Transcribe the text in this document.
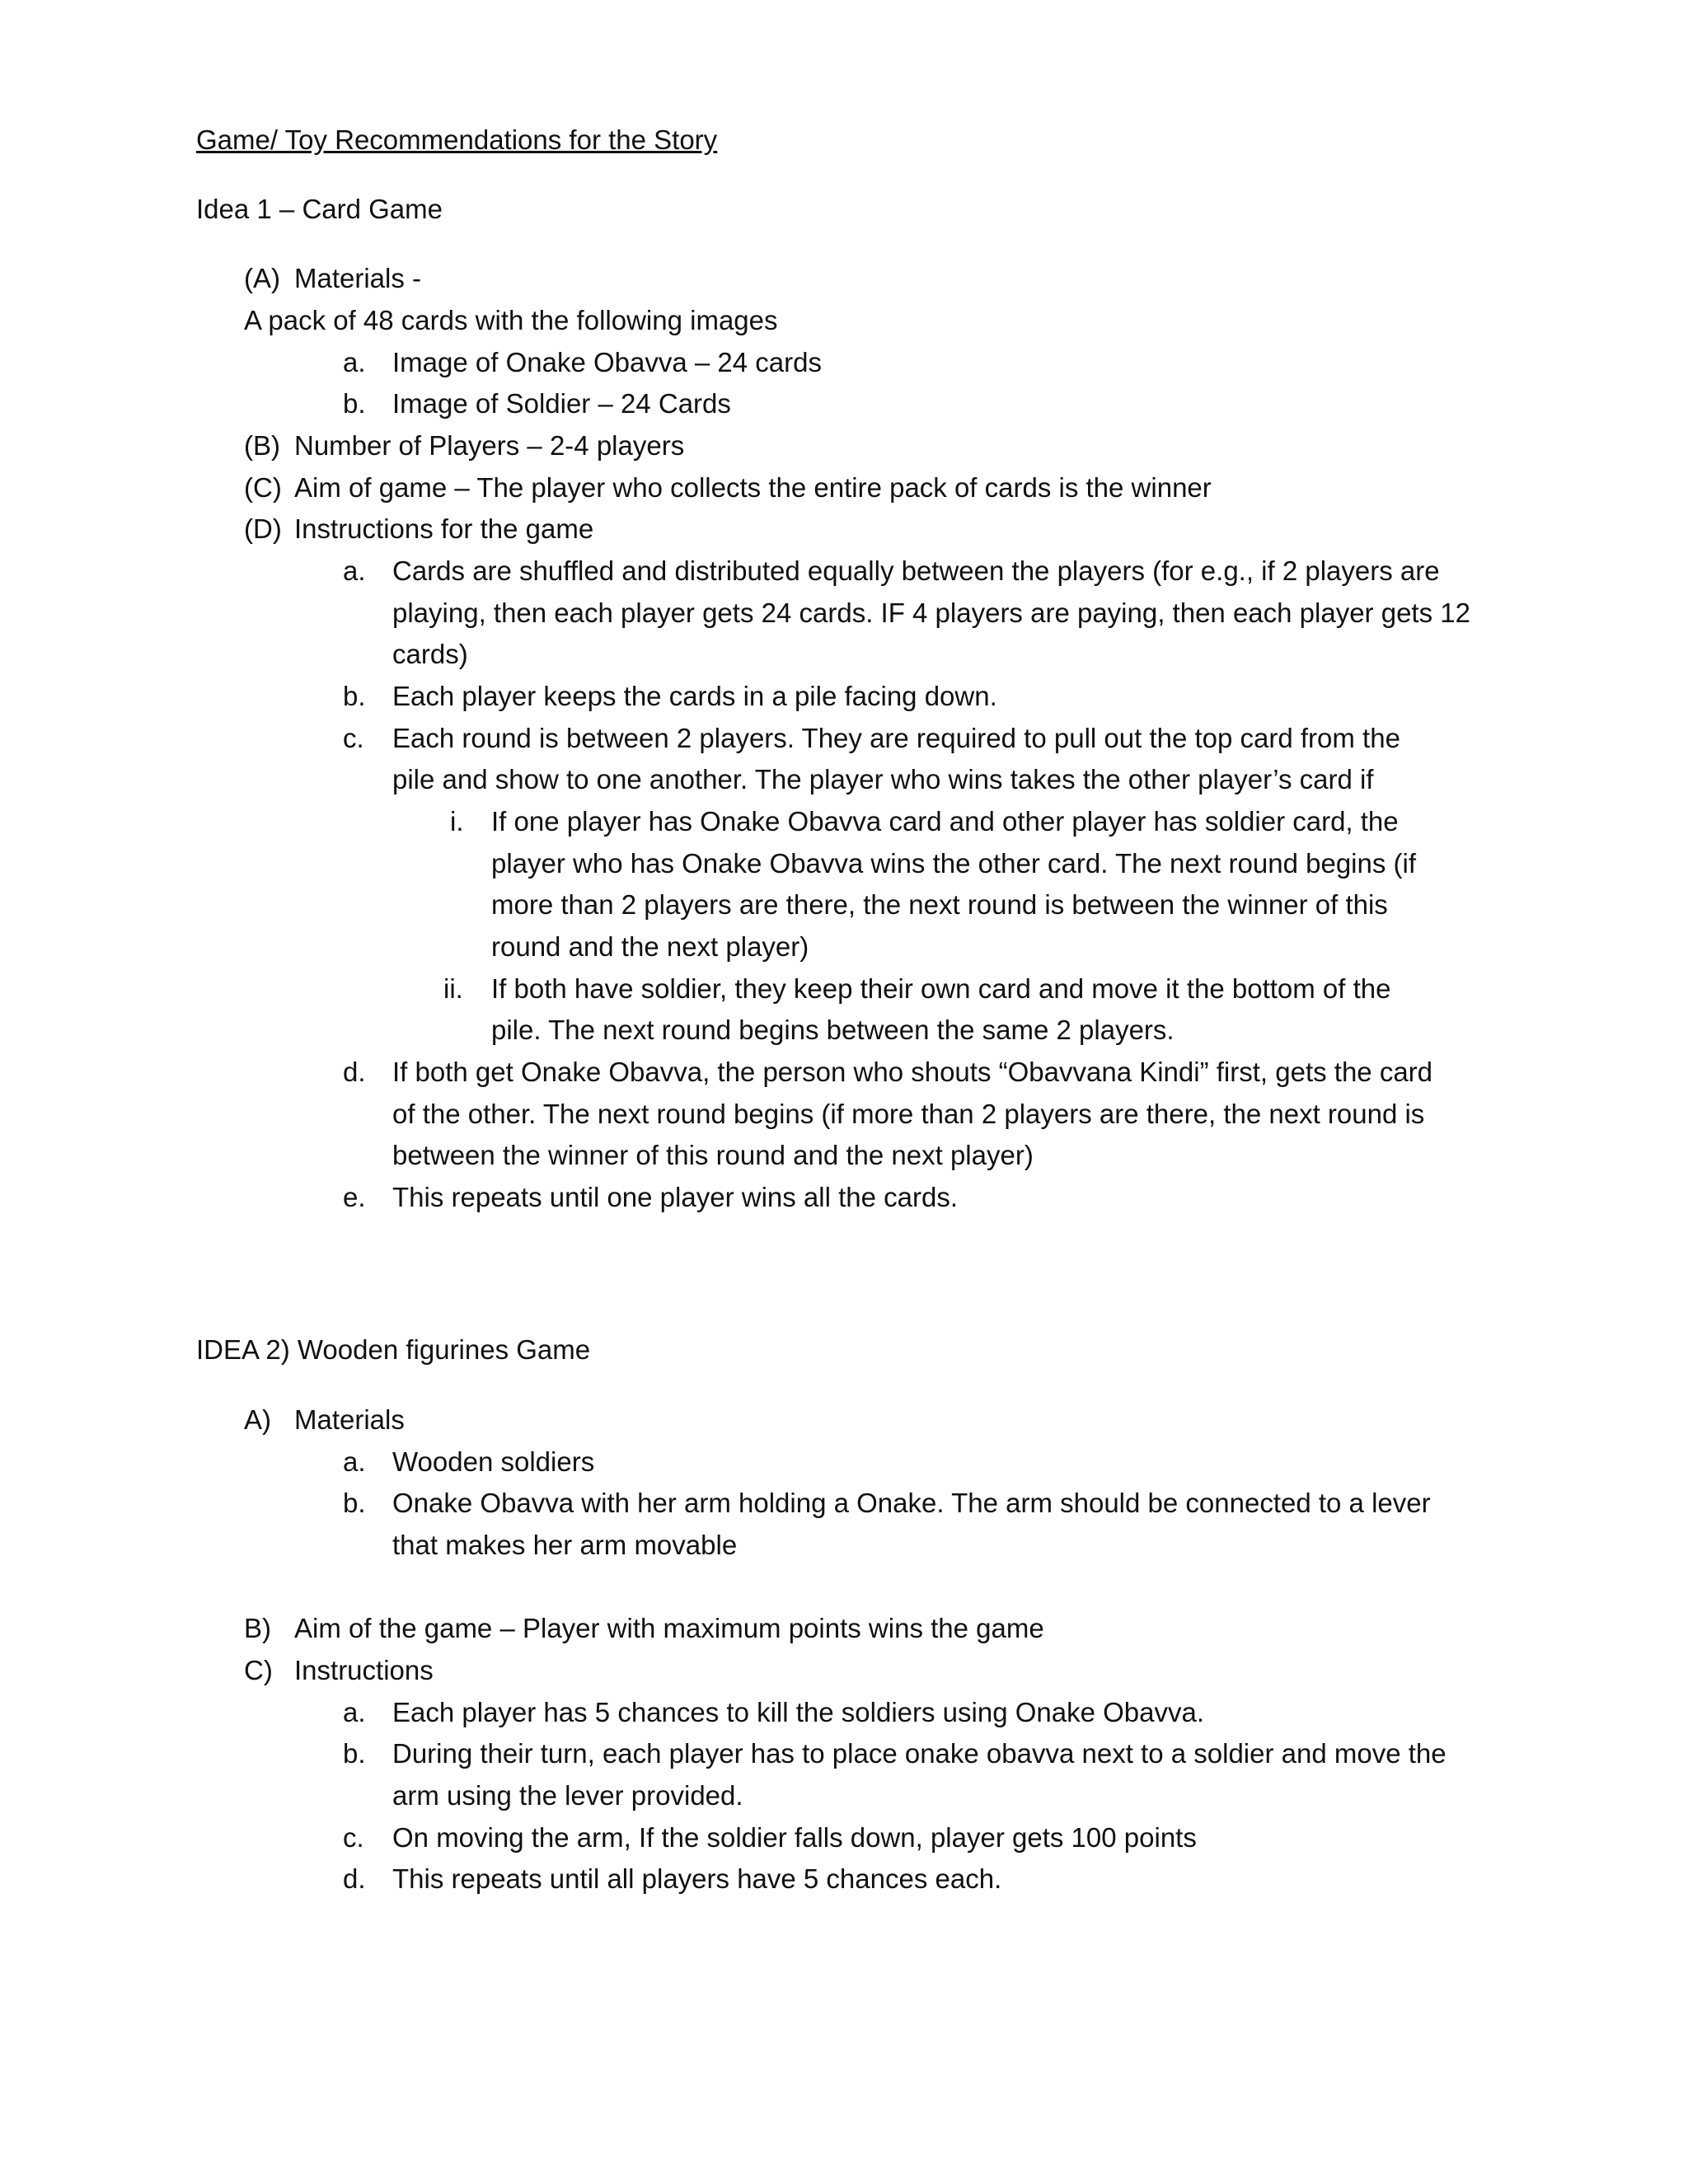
Game/ Toy Recommendations for the Story
Idea 1 – Card Game
(A) Materials -
A pack of 48 cards with the following images
a. Image of Onake Obavva – 24 cards
b. Image of Soldier – 24 Cards
(B) Number of Players – 2-4 players
(C) Aim of game – The player who collects the entire pack of cards is the winner
(D) Instructions for the game
a. Cards are shuffled and distributed equally between the players (for e.g., if 2 players are
playing, then each player gets 24 cards. IF 4 players are paying, then each player gets 12
cards)
b. Each player keeps the cards in a pile facing down.
c. Each round is between 2 players. They are required to pull out the top card from the
pile and show to one another. The player who wins takes the other player’s card if
i. If one player has Onake Obavva card and other player has soldier card, the
player who has Onake Obavva wins the other card. The next round begins (if
more than 2 players are there, the next round is between the winner of this
round and the next player)
ii. If both have soldier, they keep their own card and move it the bottom of the
pile. The next round begins between the same 2 players.
d. If both get Onake Obavva, the person who shouts “Obavvana Kindi” first, gets the card
of the other. The next round begins (if more than 2 players are there, the next round is
between the winner of this round and the next player)
e. This repeats until one player wins all the cards.
IDEA 2) Wooden figurines Game
A) Materials
a. Wooden soldiers
b. Onake Obavva with her arm holding a Onake. The arm should be connected to a lever
that makes her arm movable
B) Aim of the game – Player with maximum points wins the game
C) Instructions
a. Each player has 5 chances to kill the soldiers using Onake Obavva.
b. During their turn, each player has to place onake obavva next to a soldier and move the
arm using the lever provided.
c. On moving the arm, If the soldier falls down, player gets 100 points
d. This repeats until all players have 5 chances each.
